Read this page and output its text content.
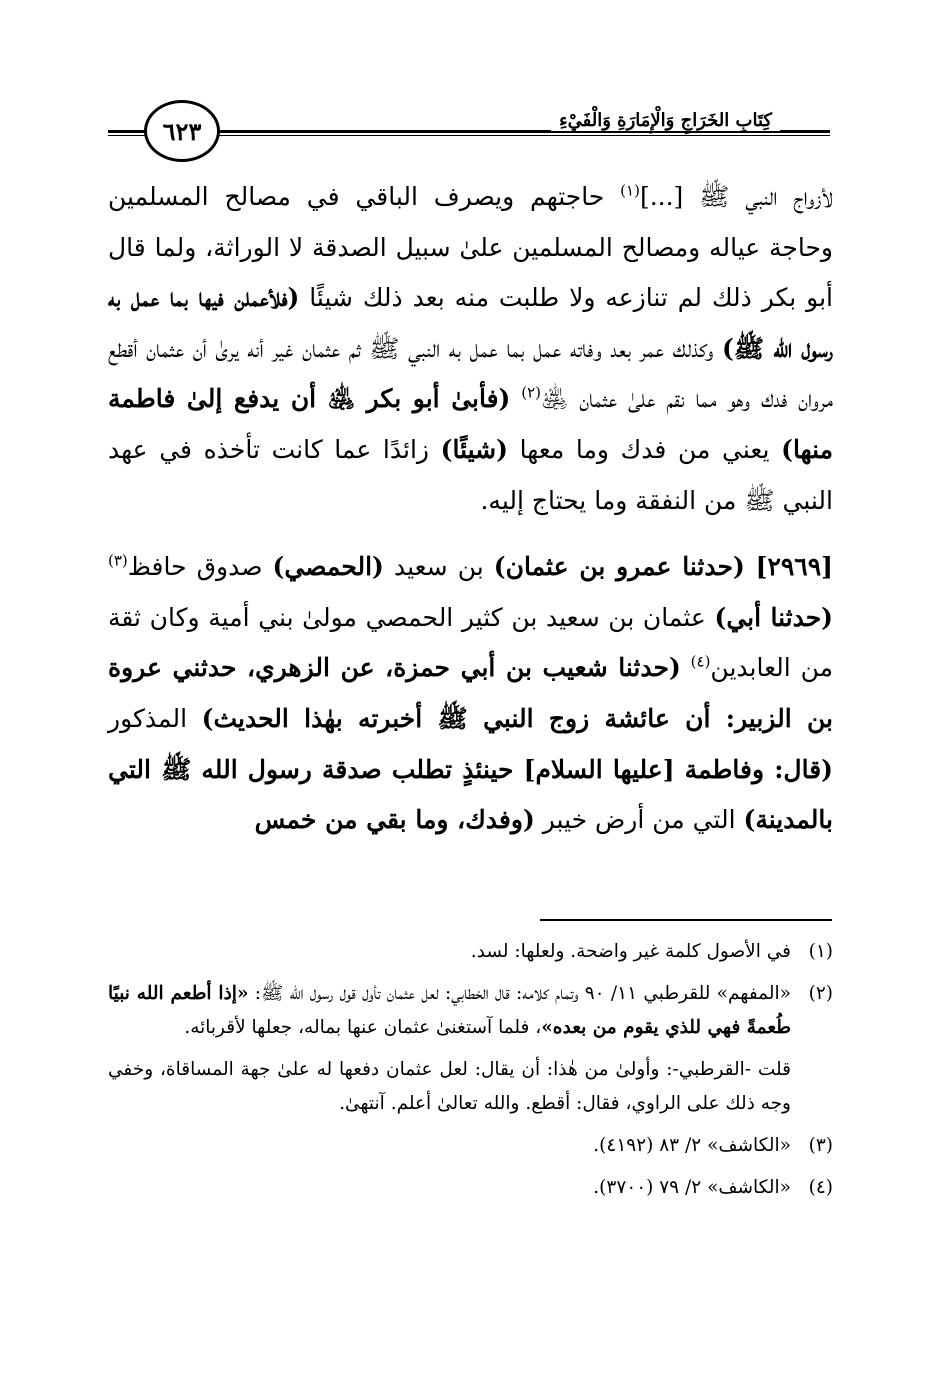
٦٢٣	كِتَابِ الخَرَاجِ وَالْإِمَارَةِ وَالْفَيْءِ

لأزواج النبي ﷺ [...]$^{(١)}$ حاجتهم ويصرف الباقي في مصالح المسلمين وحاجة عياله ومصالح المسلمين علىٰ سبيل الصدقة لا الوراثة، ولما قال أبو بكر ذلك لم تنازعه ولا طلبت منه بعد ذلك شيئًا (فلأعملن فيها بما عمل به رسول الله ﷺ) وكذلك عمر بعد وفاته عمل بما عمل به النبي ﷺ ثم عثمان غير أنه يرىٰ أن عثمان أقطع مروان فدك وهو مما نقم علىٰ عثمان ﵁$^{(٢)}$ (فأبىٰ أبو بكر ﵁ أن يدفع إلىٰ فاطمة منها) يعني من فدك وما معها (شيئًا) زائدًا عما كانت تأخذه في عهد النبي ﷺ من النفقة وما يحتاج إليه.

[٢٩٦٩] (حدثنا عمرو بن عثمان) بن سعيد (الحمصي) صدوق حافظ$^{(٣)}$ (حدثنا أبي) عثمان بن سعيد بن كثير الحمصي مولىٰ بني أمية وكان ثقة من العابدين$^{(٤)}$ (حدثنا شعيب بن أبي حمزة، عن الزهري، حدثني عروة بن الزبير: أن عائشة زوج النبي ﷺ أخبرته بهٰذا الحديث) المذكور (قال: وفاطمة [عليها السلام] حينئذٍ تطلب صدقة رسول الله ﷺ التي بالمدينة) التي من أرض خيبر (وفدك، وما بقي من خمس

(١)
في الأصول كلمة غير واضحة. ولعلها: لسد.
(٢)
«المفهم» للقرطبي ١١/ ٩٠ وتمام كلامه: قال الخطابي: لعل عثمان تأول قول رسول الله ﷺ: «إذا أطعم الله نبيًا طُعمةً فهي للذي يقوم من بعده»، فلما آستغنىٰ عثمان عنها بماله، جعلها لأقربائه.
قلت -القرطبي-: وأولىٰ من هٰذا: أن يقال: لعل عثمان دفعها له علىٰ جهة المساقاة، وخفي وجه ذلك على الراوي، فقال: أقطع. والله تعالىٰ أعلم. آنتهىٰ.
(٣)
«الكاشف» ٢/ ٨٣ (٤١٩٢).
(٤)
«الكاشف» ٢/ ٧٩ (٣٧٠٠).
